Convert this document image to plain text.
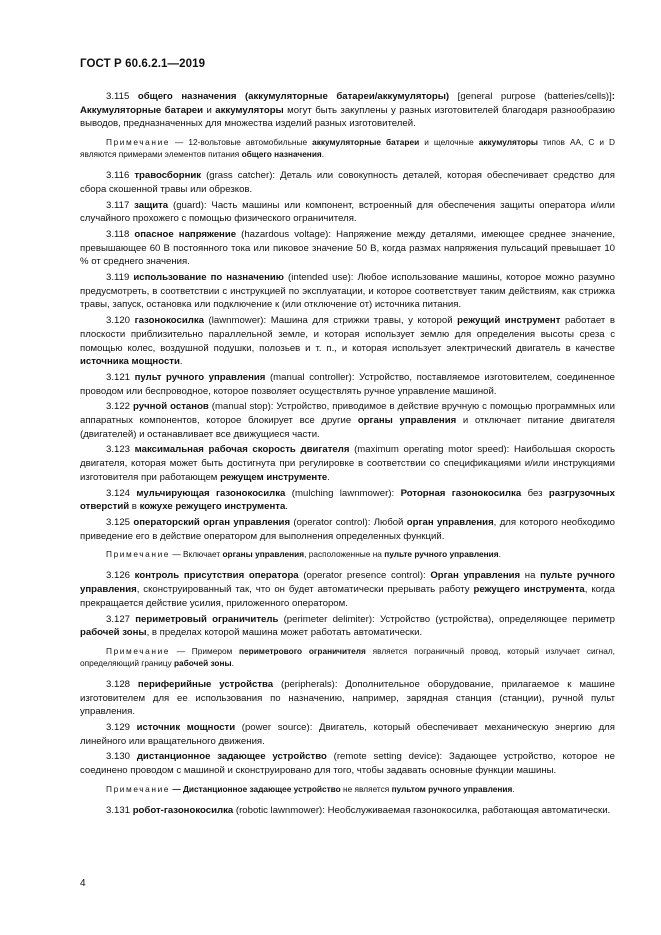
ГОСТ Р 60.6.2.1—2019

3.115 общего назначения (аккумуляторные батареи/аккумуляторы) [general purpose (batteries/cells)]: Аккумуляторные батареи и аккумуляторы могут быть закуплены у разных изготовителей благодаря разнообразию выводов, предназначенных для множества изделий разных изготовителей.

Примечание — 12-вольтовые автомобильные аккумуляторные батареи и щелочные аккумуляторы типов АА, С и D являются примерами элементов питания общего назначения.

3.116 травосборник (grass catcher): Деталь или совокупность деталей, которая обеспечивает средство для сбора скошенной травы или обрезков.

3.117 защита (guard): Часть машины или компонент, встроенный для обеспечения защиты оператора и/или случайного прохожего с помощью физического ограничителя.

3.118 опасное напряжение (hazardous voltage): Напряжение между деталями, имеющее среднее значение, превышающее 60 В постоянного тока или пиковое значение 50 В, когда размах напряжения пульсаций превышает 10 % от среднего значения.

3.119 использование по назначению (intended use): Любое использование машины, которое можно разумно предусмотреть, в соответствии с инструкцией по эксплуатации, и которое соответствует таким действиям, как стрижка травы, запуск, остановка или подключение к (или отключение от) источника питания.

3.120 газонокосилка (lawnmower): Машина для стрижки травы, у которой режущий инструмент работает в плоскости приблизительно параллельной земле, и которая использует землю для определения высоты среза с помощью колес, воздушной подушки, полозьев и т. п., и которая использует электрический двигатель в качестве источника мощности.

3.121 пульт ручного управления (manual controller): Устройство, поставляемое изготовителем, соединенное проводом или беспроводное, которое позволяет осуществлять ручное управление машиной.

3.122 ручной останов (manual stop): Устройство, приводимое в действие вручную с помощью программных или аппаратных компонентов, которое блокирует все другие органы управления и отключает питание двигателя (двигателей) и останавливает все движущиеся части.

3.123 максимальная рабочая скорость двигателя (maximum operating motor speed): Наибольшая скорость двигателя, которая может быть достигнута при регулировке в соответствии со спецификациями и/или инструкциями изготовителя при работающем режущем инструменте.

3.124 мульчирующая газонокосилка (mulching lawnmower): Роторная газонокосилка без разгрузочных отверстий в кожухе режущего инструмента.

3.125 операторский орган управления (operator control): Любой орган управления, для которого необходимо приведение его в действие оператором для выполнения определенных функций.

Примечание — Включает органы управления, расположенные на пульте ручного управления.

3.126 контроль присутствия оператора (operator presence control): Орган управления на пульте ручного управления, сконструированный так, что он будет автоматически прерывать работу режущего инструмента, когда прекращается действие усилия, приложенного оператором.

3.127 периметровый ограничитель (perimeter delimiter): Устройство (устройства), определяющее периметр рабочей зоны, в пределах которой машина может работать автоматически.

Примечание — Примером периметрового ограничителя является пограничный провод, который излучает сигнал, определяющий границу рабочей зоны.

3.128 периферийные устройства (peripherals): Дополнительное оборудование, прилагаемое к машине изготовителем для ее использования по назначению, например, зарядная станция (станции), ручной пульт управления.

3.129 источник мощности (power source): Двигатель, который обеспечивает механическую энергию для линейного или вращательного движения.

3.130 дистанционное задающее устройство (remote setting device): Задающее устройство, которое не соединено проводом с машиной и сконструировано для того, чтобы задавать основные функции машины.

Примечание — Дистанционное задающее устройство не является пультом ручного управления.

3.131 робот-газонокосилка (robotic lawnmower): Необслуживаемая газонокосилка, работающая автоматически.

4
